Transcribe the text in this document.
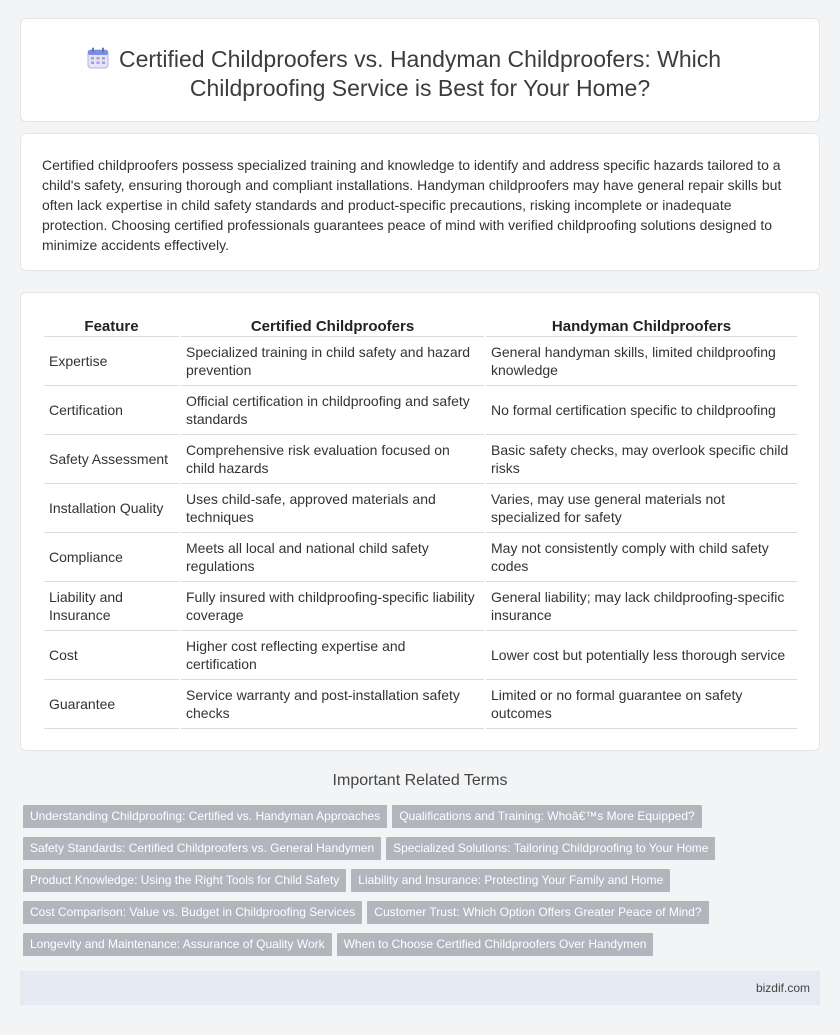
Certified Childproofers vs. Handyman Childproofers: Which Childproofing Service is Best for Your Home?

Certified childproofers possess specialized training and knowledge to identify and address specific hazards tailored to a child's safety, ensuring thorough and compliant installations. Handyman childproofers may have general repair skills but often lack expertise in child safety standards and product-specific precautions, risking incomplete or inadequate protection. Choosing certified professionals guarantees peace of mind with verified childproofing solutions designed to minimize accidents effectively.

Feature	Certified Childproofers	Handyman Childproofers
Expertise	Specialized training in child safety and hazard prevention	General handyman skills, limited childproofing knowledge
Certification	Official certification in childproofing and safety standards	No formal certification specific to childproofing
Safety Assessment	Comprehensive risk evaluation focused on child hazards	Basic safety checks, may overlook specific child risks
Installation Quality	Uses child-safe, approved materials and techniques	Varies, may use general materials not specialized for safety
Compliance	Meets all local and national child safety regulations	May not consistently comply with child safety codes
Liability and Insurance	Fully insured with childproofing-specific liability coverage	General liability; may lack childproofing-specific insurance
Cost	Higher cost reflecting expertise and certification	Lower cost but potentially less thorough service
Guarantee	Service warranty and post-installation safety checks	Limited or no formal guarantee on safety outcomes
Important Related Terms
Understanding Childproofing: Certified vs. Handyman Approaches Qualifications and Training: Whoâ€™s More Equipped?
Safety Standards: Certified Childproofers vs. General Handymen Specialized Solutions: Tailoring Childproofing to Your Home
Product Knowledge: Using the Right Tools for Child Safety Liability and Insurance: Protecting Your Family and Home
Cost Comparison: Value vs. Budget in Childproofing Services Customer Trust: Which Option Offers Greater Peace of Mind?
Longevity and Maintenance: Assurance of Quality Work When to Choose Certified Childproofers Over Handymen
bizdif.com
